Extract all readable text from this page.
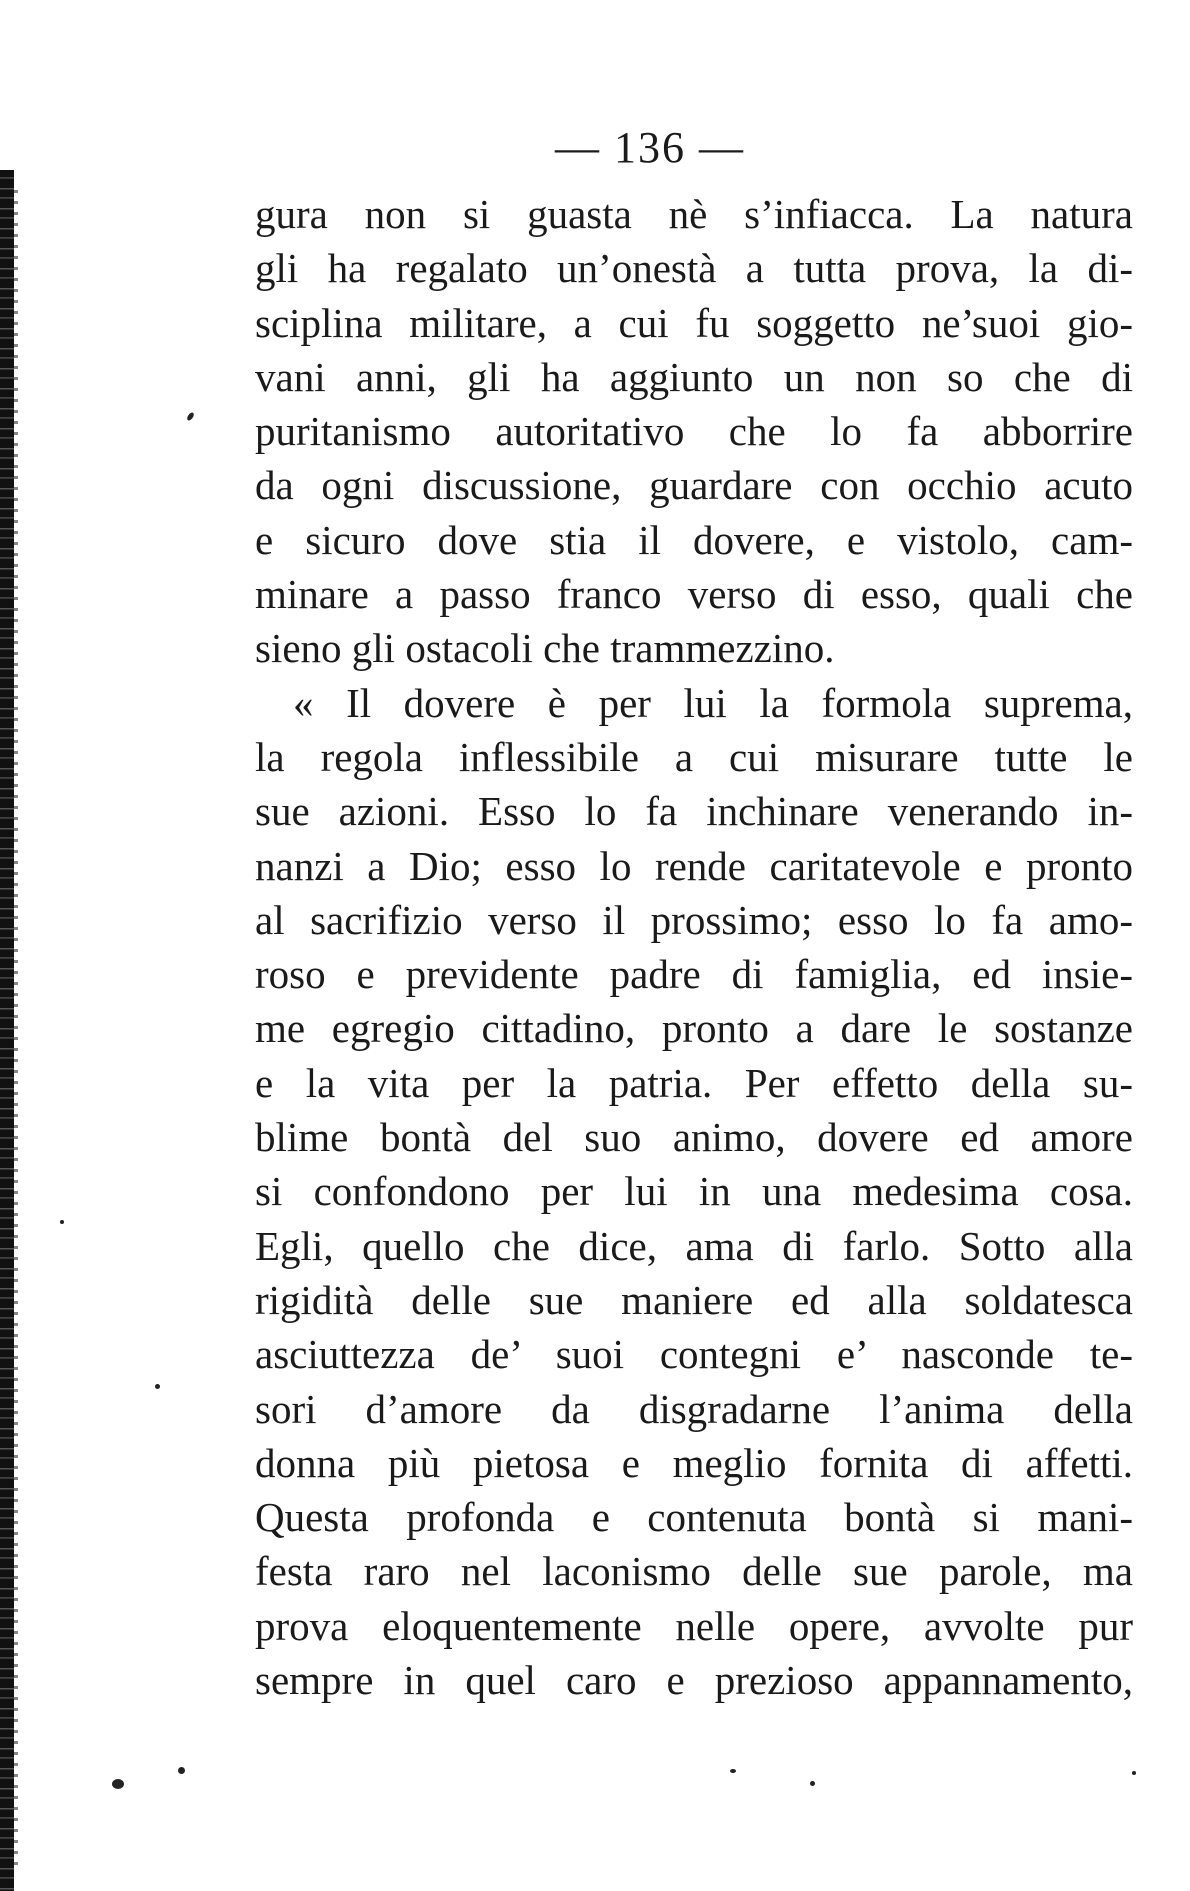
— 136 —
gura non si guasta nè s’infiacca. La natura
gli ha regalato un’onestà a tutta prova, la di-
sciplina militare, a cui fu soggetto ne’suoi gio-
vani anni, gli ha aggiunto un non so che di
puritanismo autoritativo che lo fa abborrire
da ogni discussione, guardare con occhio acuto
e sicuro dove stia il dovere, e vistolo, cam-
minare a passo franco verso di esso, quali che
sieno gli ostacoli che trammezzino.
« Il dovere è per lui la formola suprema,
la regola inflessibile a cui misurare tutte le
sue azioni. Esso lo fa inchinare venerando in-
nanzi a Dio; esso lo rende caritatevole e pronto
al sacrifizio verso il prossimo; esso lo fa amo-
roso e previdente padre di famiglia, ed insie-
me egregio cittadino, pronto a dare le sostanze
e la vita per la patria. Per effetto della su-
blime bontà del suo animo, dovere ed amore
si confondono per lui in una medesima cosa.
Egli, quello che dice, ama di farlo. Sotto alla
rigidità delle sue maniere ed alla soldatesca
asciuttezza de’ suoi contegni e’ nasconde te-
sori d’amore da disgradarne l’anima della
donna più pietosa e meglio fornita di affetti.
Questa profonda e contenuta bontà si mani-
festa raro nel laconismo delle sue parole, ma
prova eloquentemente nelle opere, avvolte pur
sempre in quel caro e prezioso appannamento,
